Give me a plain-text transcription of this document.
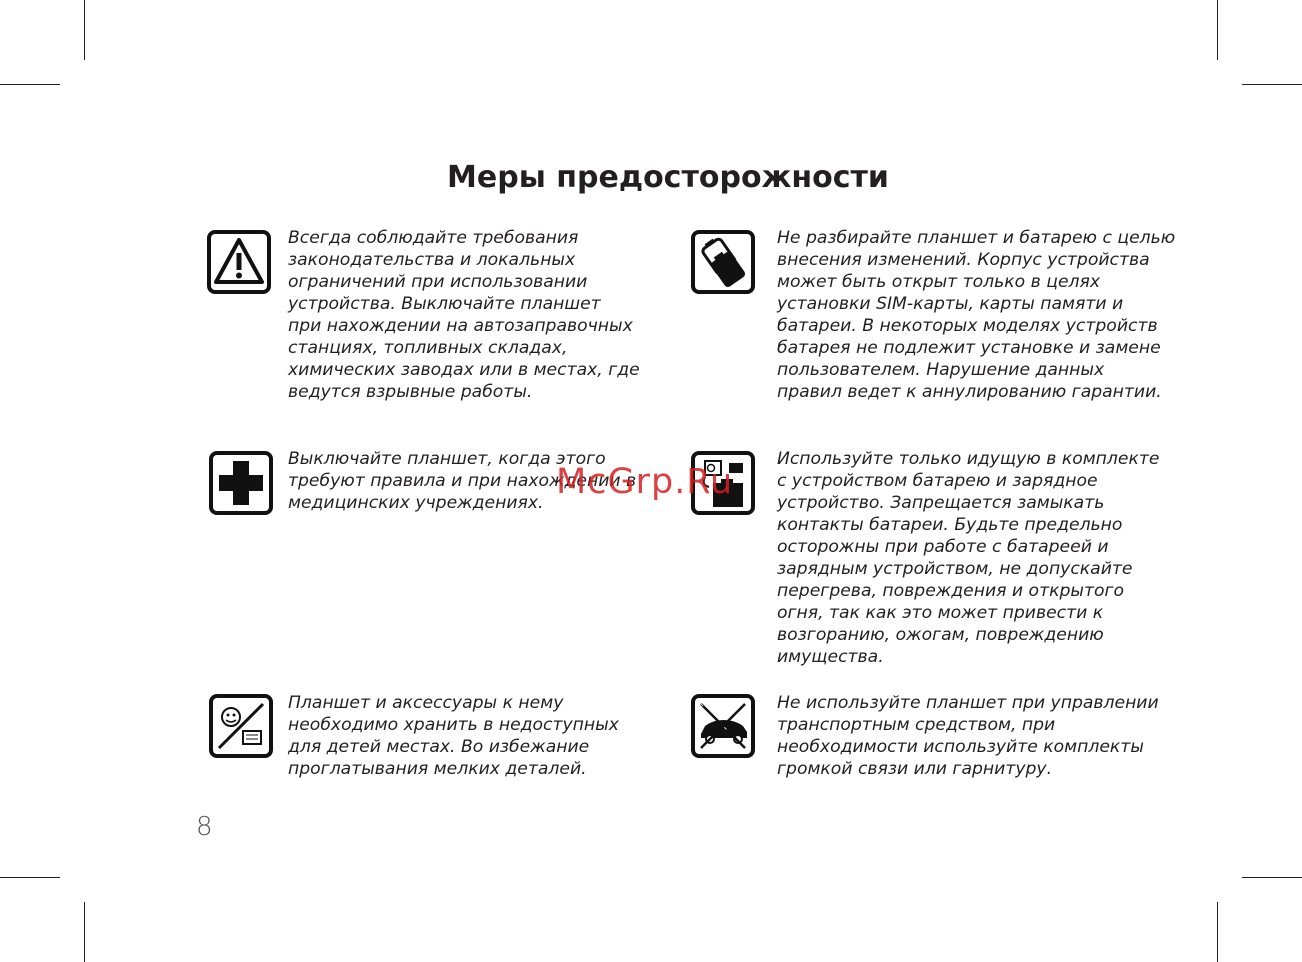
Меры предосторожности

Всегда соблюдайте требования
законодательства и локальных
ограничений при использовании
устройства. Выключайте планшет
при нахождении на автозаправочных
станциях, топливных складах,
химических заводах или в местах, где
ведутся взрывные работы.

Выключайте планшет, когда этого
требуют правила и при нахождении в
медицинских учреждениях.

Планшет и аксессуары к нему
необходимо хранить в недоступных
для детей местах. Во избежание
проглатывания мелких деталей.

Не разбирайте планшет и батарею с целью
внесения изменений. Корпус устройства
может быть открыт только в целях
установки SIM-карты, карты памяти и
батареи. В некоторых моделях устройств
батарея не подлежит установке и замене
пользователем. Нарушение данных
правил ведет к аннулированию гарантии.

Используйте только идущую в комплекте
с устройством батарею и зарядное
устройство. Запрещается замыкать
контакты батареи. Будьте предельно
осторожны при работе с батареей и
зарядным устройством, не допускайте
перегрева, повреждения и открытого
огня, так как это может привести к
возгоранию, ожогам, повреждению
имущества.

Не используйте планшет при управлении
транспортным средством, при
необходимости используйте комплекты
громкой связи или гарнитуру.

McGrp.Ru
8
